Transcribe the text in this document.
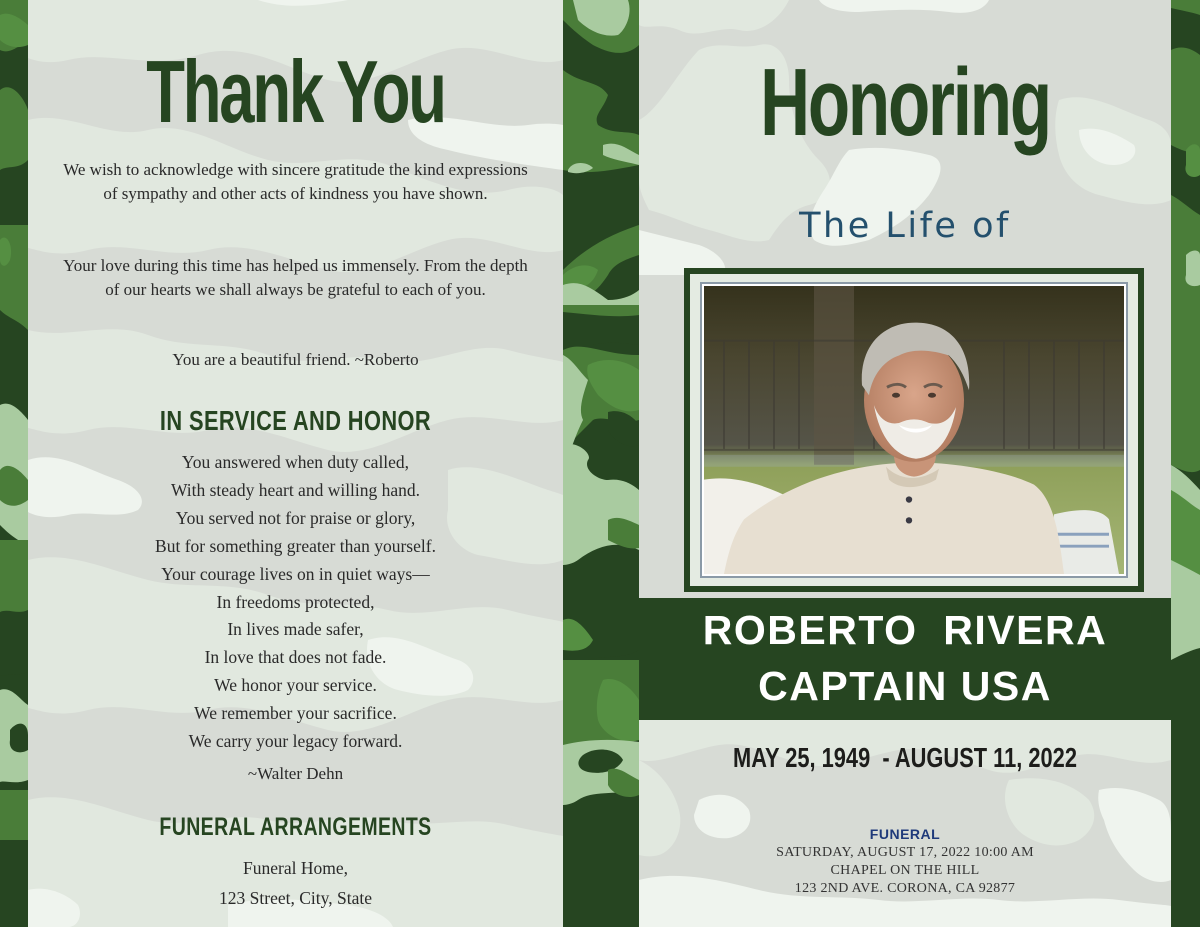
Thank You
We wish to acknowledge with sincere gratitude the kind expressions of sympathy and other acts of kindness you have shown.
Your love during this time has helped us immensely. From the depth of our hearts we shall always be grateful to each of you.
You are a beautiful friend. ~Roberto
IN SERVICE AND HONOR
You answered when duty called,
With steady heart and willing hand.
You served not for praise or glory,
But for something greater than yourself.
Your courage lives on in quiet ways—
In freedoms protected,
In lives made safer,
In love that does not fade.
We honor your service.
We remember your sacrifice.
We carry your legacy forward.
~Walter Dehn
FUNERAL ARRANGEMENTS
Funeral Home,
123 Street, City, State
Honoring
The Life of
ROBERTO  RIVERA
CAPTAIN USA
MAY 25, 1949  - AUGUST 11, 2022
FUNERAL
SATURDAY, AUGUST 17, 2022 10:00 AM
CHAPEL ON THE HILL
123 2ND AVE. CORONA, CA 92877
